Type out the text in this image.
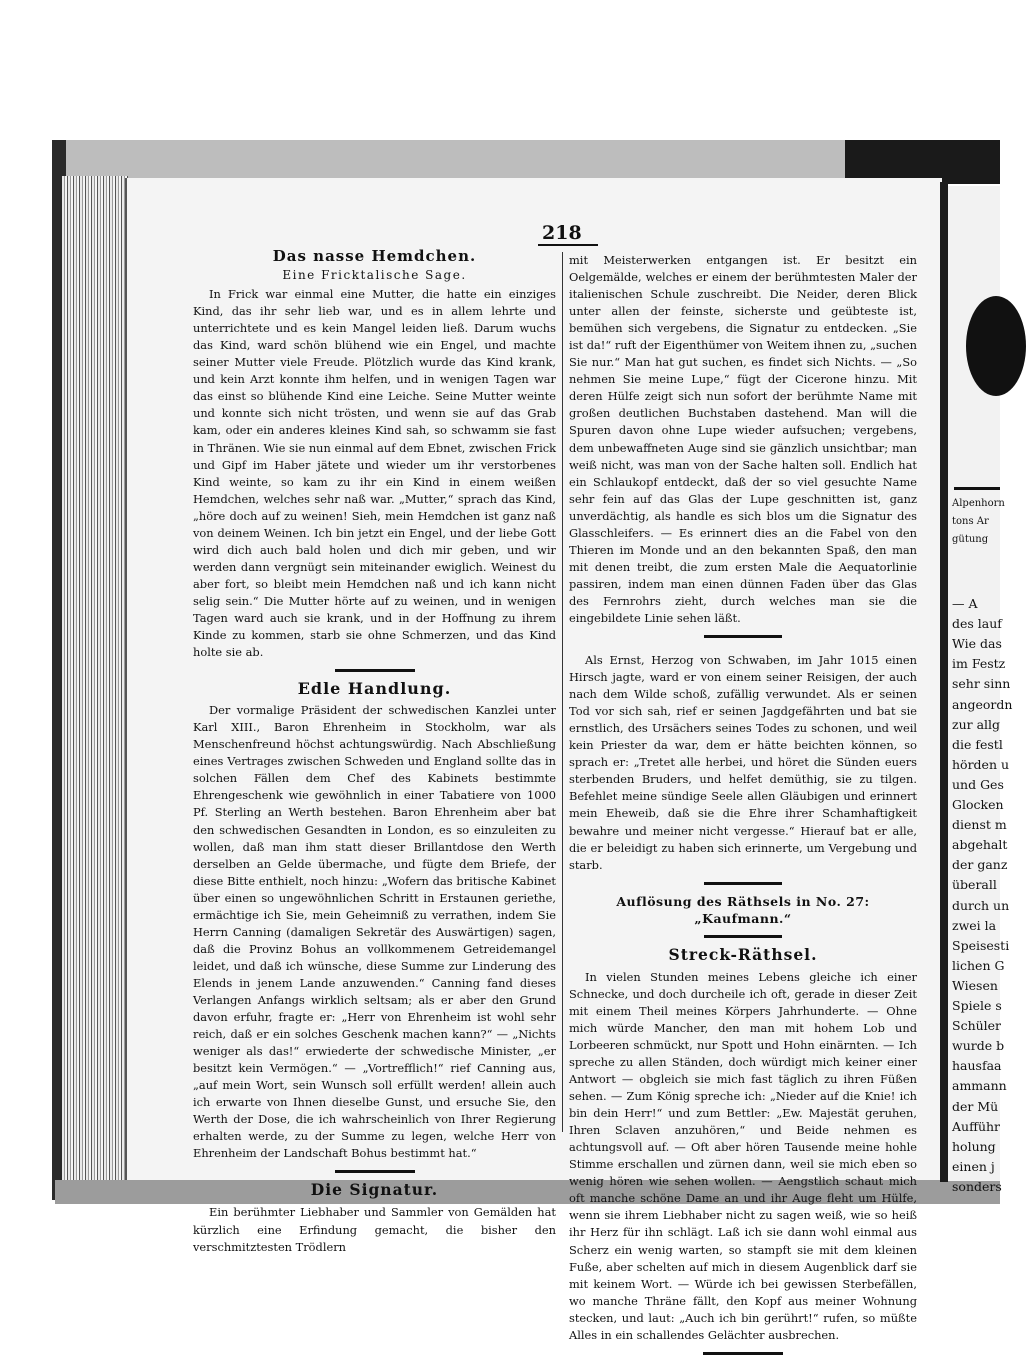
Alpenhorn
tons Ar
gütung
— A
des lauf
Wie das
im Festz
sehr sinn
angeordn
zur allg
die festl
hörden u
und Ges
Glocken
dienst m
abgehalt
der ganz
überall
durch un
zwei la
Speisesti
lichen G
Wiesen
Spiele s
Schüler
wurde b
hausfaa
ammann
der Mü
Aufführ
holung
einen j
sonders
218
Das nasse Hemdchen.
Eine Fricktalische Sage.

In Frick war einmal eine Mutter, die hatte ein einziges Kind, das ihr sehr lieb war, und es in allem lehrte und unterrichtete und es kein Mangel leiden ließ. Darum wuchs das Kind, ward schön blühend wie ein Engel, und machte seiner Mutter viele Freude. Plötzlich wurde das Kind krank, und kein Arzt konnte ihm helfen, und in wenigen Tagen war das einst so blühende Kind eine Leiche. Seine Mutter weinte und konnte sich nicht trösten, und wenn sie auf das Grab kam, oder ein anderes kleines Kind sah, so schwamm sie fast in Thränen. Wie sie nun einmal auf dem Ebnet, zwischen Frick und Gipf im Haber jätete und wieder um ihr verstorbenes Kind weinte, so kam zu ihr ein Kind in einem weißen Hemdchen, welches sehr naß war. „Mutter,“ sprach das Kind, „höre doch auf zu weinen! Sieh, mein Hemdchen ist ganz naß von deinem Weinen. Ich bin jetzt ein Engel, und der liebe Gott wird dich auch bald holen und dich mir geben, und wir werden dann vergnügt sein miteinander ewiglich. Weinest du aber fort, so bleibt mein Hemdchen naß und ich kann nicht selig sein.“ Die Mutter hörte auf zu weinen, und in wenigen Tagen ward auch sie krank, und in der Hoffnung zu ihrem Kinde zu kommen, starb sie ohne Schmerzen, und das Kind holte sie ab.

Edle Handlung.

Der vormalige Präsident der schwedischen Kanzlei unter Karl XIII., Baron Ehrenheim in Stockholm, war als Menschenfreund höchst achtungswürdig. Nach Abschließung eines Vertrages zwischen Schweden und England sollte das in solchen Fällen dem Chef des Kabinets bestimmte Ehrengeschenk wie gewöhnlich in einer Tabatiere von 1000 Pf. Sterling an Werth bestehen. Baron Ehrenheim aber bat den schwedischen Gesandten in London, es so einzuleiten zu wollen, daß man ihm statt dieser Brillantdose den Werth derselben an Gelde übermache, und fügte dem Briefe, der diese Bitte enthielt, noch hinzu: „Wofern das britische Kabinet über einen so ungewöhnlichen Schritt in Erstaunen geriethe, ermächtige ich Sie, mein Geheimniß zu verrathen, indem Sie Herrn Canning (damaligen Sekretär des Auswärtigen) sagen, daß die Provinz Bohus an vollkommenem Getreidemangel leidet, und daß ich wünsche, diese Summe zur Linderung des Elends in jenem Lande anzuwenden.“ Canning fand dieses Verlangen Anfangs wirklich seltsam; als er aber den Grund davon erfuhr, fragte er: „Herr von Ehrenheim ist wohl sehr reich, daß er ein solches Geschenk machen kann?“ — „Nichts weniger als das!“ erwiederte der schwedische Minister, „er besitzt kein Vermögen.“ — „Vortrefflich!“ rief Canning aus, „auf mein Wort, sein Wunsch soll erfüllt werden! allein auch ich erwarte von Ihnen dieselbe Gunst, und ersuche Sie, den Werth der Dose, die ich wahrscheinlich von Ihrer Regierung erhalten werde, zu der Summe zu legen, welche Herr von Ehrenheim der Landschaft Bohus bestimmt hat.“

Die Signatur.

Ein berühmter Liebhaber und Sammler von Gemälden hat kürzlich eine Erfindung gemacht, die bisher den verschmitztesten Trödlern

mit Meisterwerken entgangen ist. Er besitzt ein Oelgemälde, welches er einem der berühmtesten Maler der italienischen Schule zuschreibt. Die Neider, deren Blick unter allen der feinste, sicherste und geübteste ist, bemühen sich vergebens, die Signatur zu entdecken. „Sie ist da!“ ruft der Eigenthümer von Weitem ihnen zu, „suchen Sie nur.“ Man hat gut suchen, es findet sich Nichts. — „So nehmen Sie meine Lupe,“ fügt der Cicerone hinzu. Mit deren Hülfe zeigt sich nun sofort der berühmte Name mit großen deutlichen Buchstaben dastehend. Man will die Spuren davon ohne Lupe wieder aufsuchen; vergebens, dem unbewaffneten Auge sind sie gänzlich unsichtbar; man weiß nicht, was man von der Sache halten soll. Endlich hat ein Schlaukopf entdeckt, daß der so viel gesuchte Name sehr fein auf das Glas der Lupe geschnitten ist, ganz unverdächtig, als handle es sich blos um die Signatur des Glasschleifers. — Es erinnert dies an die Fabel von den Thieren im Monde und an den bekannten Spaß, den man mit denen treibt, die zum ersten Male die Aequatorlinie passiren, indem man einen dünnen Faden über das Glas des Fernrohrs zieht, durch welches man sie die eingebildete Linie sehen läßt.

Als Ernst, Herzog von Schwaben, im Jahr 1015 einen Hirsch jagte, ward er von einem seiner Reisigen, der auch nach dem Wilde schoß, zufällig verwundet. Als er seinen Tod vor sich sah, rief er seinen Jagdgefährten und bat sie ernstlich, des Ursächers seines Todes zu schonen, und weil kein Priester da war, dem er hätte beichten können, so sprach er: „Tretet alle herbei, und höret die Sünden euers sterbenden Bruders, und helfet demüthig, sie zu tilgen. Befehlet meine sündige Seele allen Gläubigen und erinnert mein Eheweib, daß sie die Ehre ihrer Schamhaftigkeit bewahre und meiner nicht vergesse.“ Hierauf bat er alle, die er beleidigt zu haben sich erinnerte, um Vergebung und starb.

Auflösung des Räthsels in No. 27: „Kaufmann.“
Streck-Räthsel.

In vielen Stunden meines Lebens gleiche ich einer Schnecke, und doch durcheile ich oft, gerade in dieser Zeit mit einem Theil meines Körpers Jahrhunderte. — Ohne mich würde Mancher, den man mit hohem Lob und Lorbeeren schmückt, nur Spott und Hohn einärnten. — Ich spreche zu allen Ständen, doch würdigt mich keiner einer Antwort — obgleich sie mich fast täglich zu ihren Füßen sehen. — Zum König spreche ich: „Nieder auf die Knie! ich bin dein Herr!“ und zum Bettler: „Ew. Majestät geruhen, Ihren Sclaven anzuhören,“ und Beide nehmen es achtungsvoll auf. — Oft aber hören Tausende meine hohle Stimme erschallen und zürnen dann, weil sie mich eben so wenig hören wie sehen wollen. — Aengstlich schaut mich oft manche schöne Dame an und ihr Auge fleht um Hülfe, wenn sie ihrem Liebhaber nicht zu sagen weiß, wie so heiß ihr Herz für ihn schlägt. Laß ich sie dann wohl einmal aus Scherz ein wenig warten, so stampft sie mit dem kleinen Fuße, aber schelten auf mich in diesem Augenblick darf sie mit keinem Wort. — Würde ich bei gewissen Sterbefällen, wo manche Thräne fällt, den Kopf aus meiner Wohnung stecken, und laut: „Auch ich bin gerührt!“ rufen, so müßte Alles in ein schallendes Gelächter ausbrechen.
